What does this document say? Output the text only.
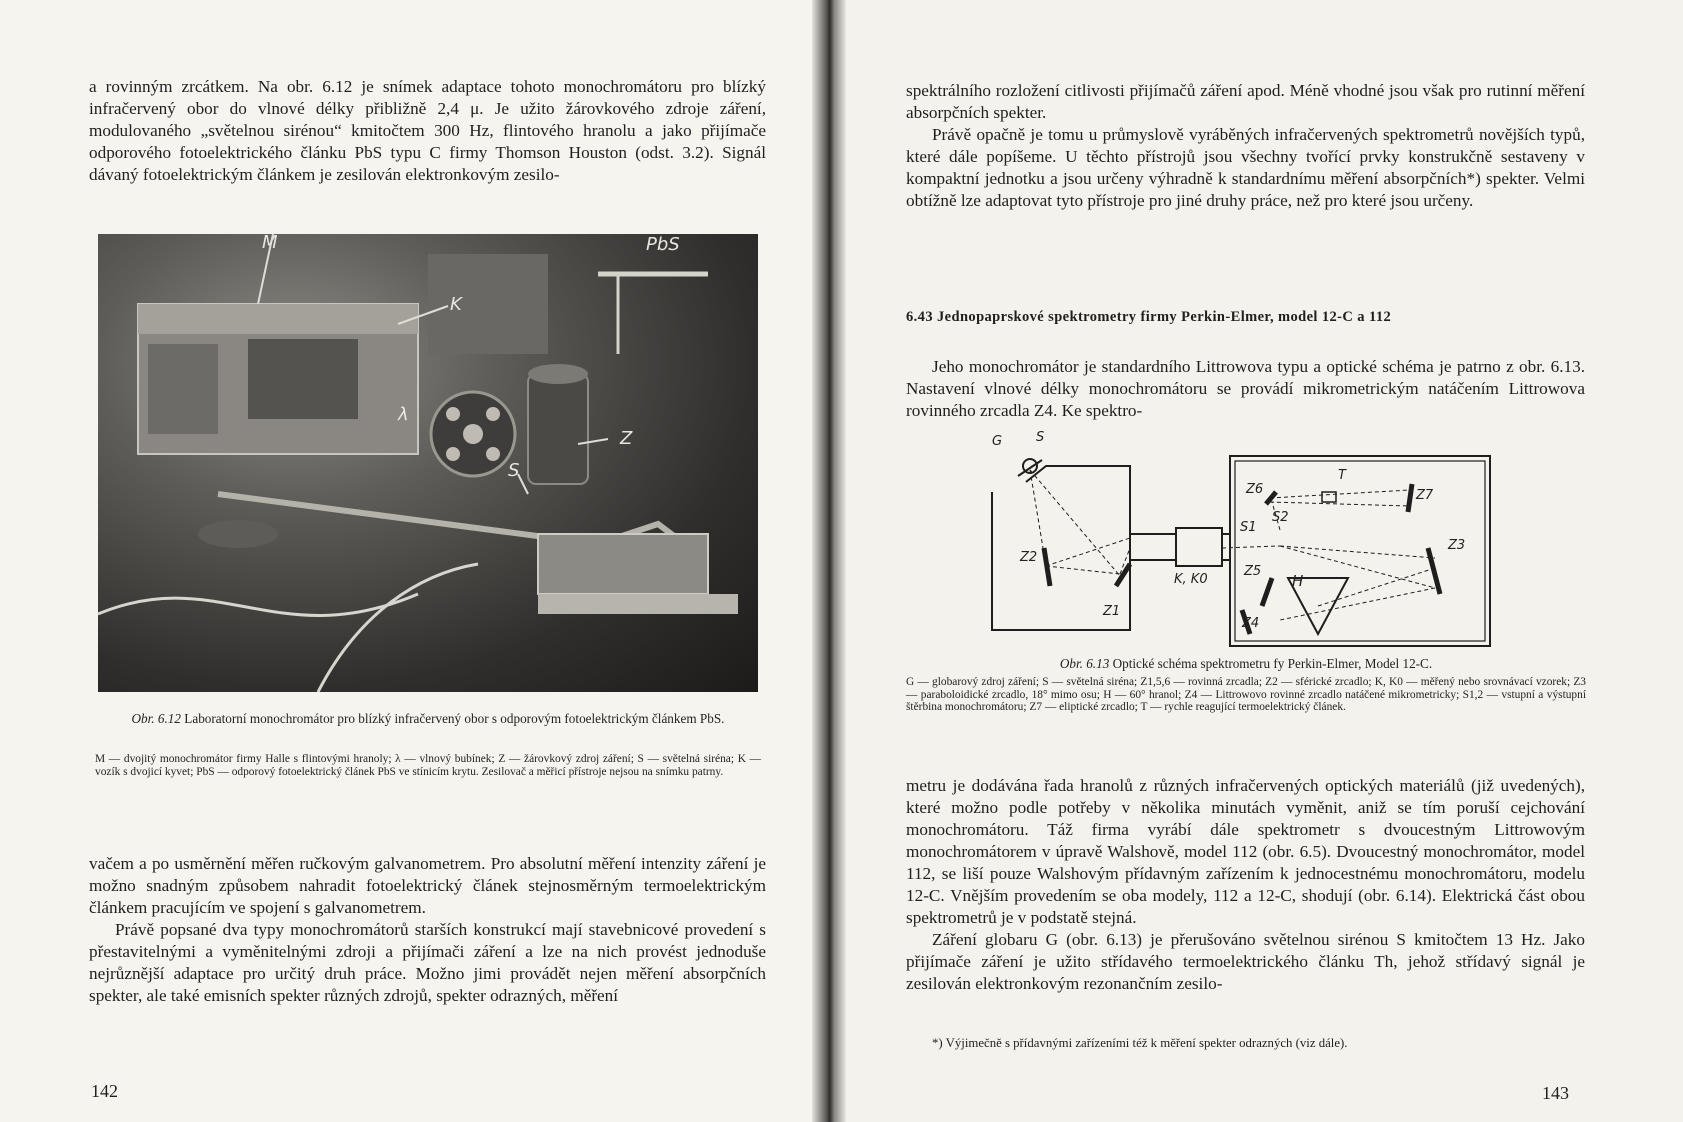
a rovinným zrcátkem. Na obr. 6.12 je snímek adaptace tohoto monochromátoru pro blízký infračervený obor do vlnové délky přibližně 2,4 μ. Je užito žárovkového zdroje záření, modulovaného „světelnou sirénou“ kmitočtem 300 Hz, flintového hranolu a jako přijímače odporového fotoelektrického článku PbS typu C firmy Thomson Houston (odst. 3.2). Signál dávaný fotoelektrickým článkem je zesilován elektronkovým zesilo-

M	PbS
K
λ
Z
S
Obr. 6.12 Laboratorní monochromátor pro blízký infračervený obor s odporovým fotoelektrickým článkem PbS.
M — dvojitý monochromátor firmy Halle s flintovými hranoly; λ — vlnový bubínek; Z — žárovkový zdroj záření; S — světelná siréna; K — vozík s dvojicí kyvet; PbS — odporový fotoelektrický článek PbS ve stínicím krytu. Zesilovač a měřicí přístroje nejsou na snímku patrny.

vačem a po usměrnění měřen ručkovým galvanometrem. Pro absolutní měření intenzity záření je možno snadným způsobem nahradit fotoelektrický článek stejnosměrným termoelektrickým článkem pracujícím ve spojení s galvanometrem.

Právě popsané dva typy monochromátorů starších konstrukcí mají stavebnicové provedení s přestavitelnými a vyměnitelnými zdroji a přijímači záření a lze na nich provést jednoduše nejrůznější adaptace pro určitý druh práce. Možno jimi provádět nejen měření absorpčních spekter, ale také emisních spekter různých zdrojů, spekter odrazných, měření

142

spektrálního rozložení citlivosti přijímačů záření apod. Méně vhodné jsou však pro rutinní měření absorpčních spekter.

Právě opačně je tomu u průmyslově vyráběných infračervených spektrometrů novějších typů, které dále popíšeme. U těchto přístrojů jsou všechny tvořící prvky konstrukčně sestaveny v kompaktní jednotku a jsou určeny výhradně k standardnímu měření absorpčních*) spekter. Velmi obtížně lze adaptovat tyto přístroje pro jiné druhy práce, než pro které jsou určeny.

6.43 Jednopaprskové spektrometry firmy Perkin-Elmer, model 12-C a 112

Jeho monochromátor je standardního Littrowova typu a optické schéma je patrno z obr. 6.13. Nastavení vlnové délky monochromátoru se provádí mikrometrickým natáčením Littrowova rovinného zrcadla Z4. Ke spektro-

Obr. 6.13 Optické schéma spektrometru fy Perkin-Elmer, Model 12-C.
G — globarový zdroj záření; S — světelná siréna; Z1,5,6 — rovinná zrcadla; Z2 — sférické zrcadlo; K, K0 — měřený nebo srovnávací vzorek; Z3 — paraboloidické zrcadlo, 18° mimo osu; H — 60° hranol; Z4 — Littrowovo rovinné zrcadlo natáčené mikrometricky; S1,2 — vstupní a výstupní štěrbina monochromátoru; Z7 — eliptické zrcadlo; T — rychle reagující termoelektrický článek.

metru je dodávána řada hranolů z různých infračervených optických materiálů (již uvedených), které možno podle potřeby v několika minutách vyměnit, aniž se tím poruší cejchování monochromátoru. Táž firma vyrábí dále spektrometr s dvoucestným Littrowovým monochromátorem v úpravě Walshově, model 112 (obr. 6.5). Dvoucestný monochromátor, model 112, se liší pouze Walshovým přídavným zařízením k jednocestnému monochromátoru, modelu 12-C. Vnějším provedením se oba modely, 112 a 12-C, shodují (obr. 6.14). Elektrická část obou spektrometrů je v podstatě stejná.

Záření globaru G (obr. 6.13) je přerušováno světelnou sirénou S kmitočtem 13 Hz. Jako přijímače záření je užito střídavého termoelektrického článku Th, jehož střídavý signál je zesilován elektronkovým rezonančním zesilo-

*) Výjimečně s přídavnými zařízeními též k měření spekter odrazných (viz dále).
143
G	S
Z2
Z1
K, K0
Z6
T
Z7
S1
S2
Z3
Z5
H
Z4
